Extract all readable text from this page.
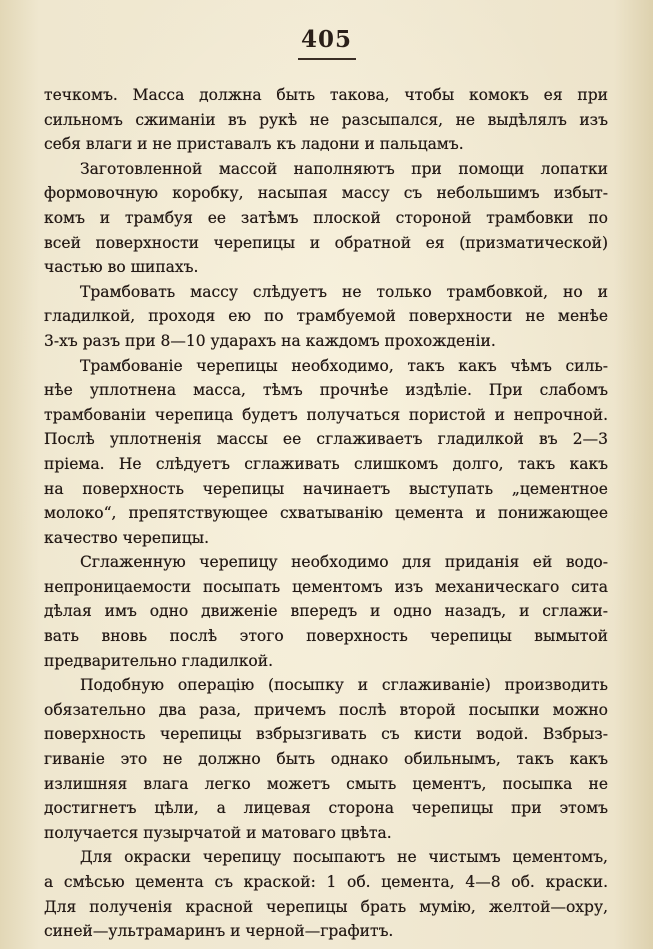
405
течкомъ. Масса должна быть такова, чтобы комокъ ея при
сильномъ сжиманіи въ рукѣ не разсыпался, не выдѣлялъ изъ
себя влаги и не приставалъ къ ладони и пальцамъ.
Заготовленной массой наполняютъ при помощи лопатки
формовочную коробку, насыпая массу съ небольшимъ избыт-
комъ и трамбуя ее затѣмъ плоской стороной трамбовки по
всей поверхности черепицы и обратной ея (призматической)
частью во шипахъ.
Трамбовать массу слѣдуетъ не только трамбовкой, но и
гладилкой, проходя ею по трамбуемой поверхности не менѣе
3-хъ разъ при 8—10 ударахъ на каждомъ прохожденіи.
Трамбованіе черепицы необходимо, такъ какъ чѣмъ силь-
нѣе уплотнена масса, тѣмъ прочнѣе издѣліе. При слабомъ
трамбованіи черепица будетъ получаться пористой и непрочной.
Послѣ уплотненія массы ее сглаживаетъ гладилкой въ 2—3
пріема. Не слѣдуетъ сглаживать слишкомъ долго, такъ какъ
на поверхность черепицы начинаетъ выступать „цементное
молоко“, препятствующее схватыванію цемента и понижающее
качество черепицы.
Сглаженную черепицу необходимо для приданія ей водо-
непроницаемости посыпать цементомъ изъ механическаго сита
дѣлая имъ одно движеніе впередъ и одно назадъ, и сглажи-
вать вновь послѣ этого поверхность черепицы вымытой
предварительно гладилкой.
Подобную операцію (посыпку и сглаживаніе) производить
обязательно два раза, причемъ послѣ второй посыпки можно
поверхность черепицы взбрызгивать съ кисти водой. Взбрыз-
гиваніе это не должно быть однако обильнымъ, такъ какъ
излишняя влага легко можетъ смыть цементъ, посыпка не
достигнетъ цѣли, а лицевая сторона черепицы при этомъ
получается пузырчатой и матоваго цвѣта.
Для окраски черепицу посыпаютъ не чистымъ цементомъ,
а смѣсью цемента съ краской: 1 об. цемента, 4—8 об. краски.
Для полученія красной черепицы брать мумію, желтой—охру,
синей—ультрамаринъ и черной—графитъ.
